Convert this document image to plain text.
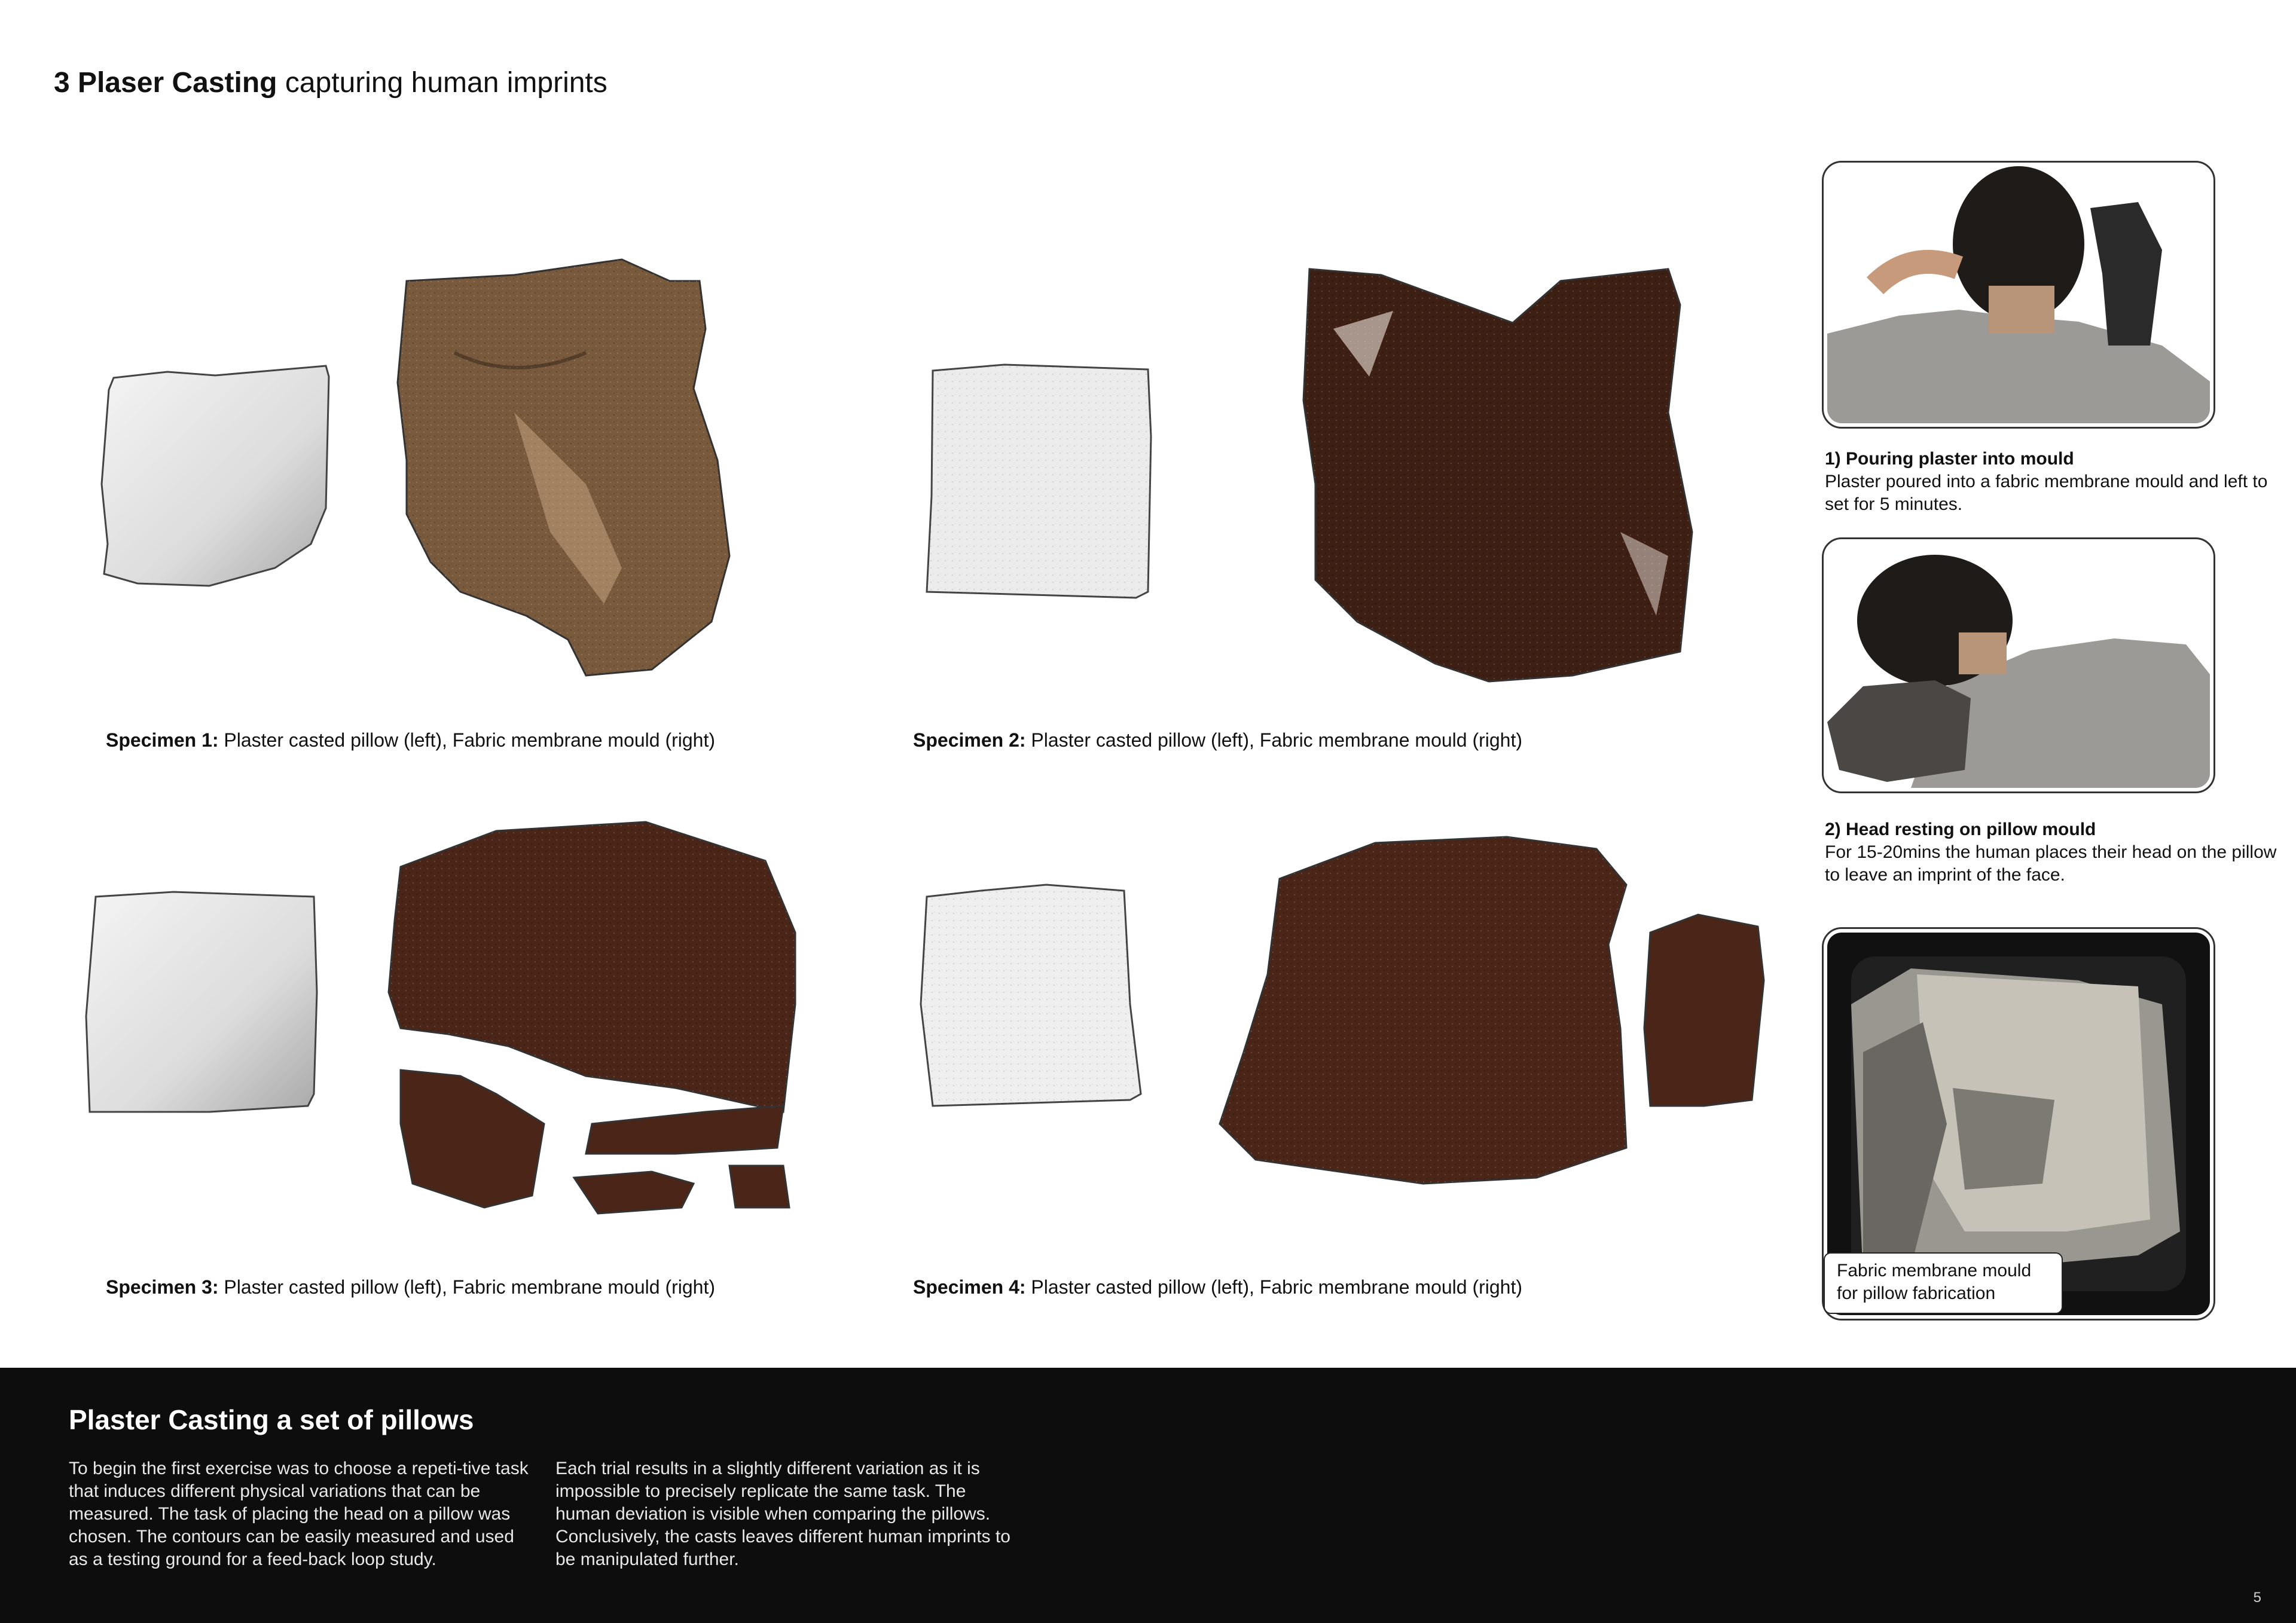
3 Plaser Casting capturing human imprints
Specimen 1: Plaster casted pillow (left), Fabric membrane mould (right)	Specimen 2: Plaster casted pillow (left), Fabric membrane mould (right)
Specimen 3: Plaster casted pillow (left), Fabric membrane mould (right)	Specimen 4: Plaster casted pillow (left), Fabric membrane mould (right)
1) Pouring plaster into mould
Plaster poured into a fabric membrane mould and left to set for 5 minutes.
2) Head resting on pillow mould
For 15-20mins the human places their head on the pillow to leave an imprint of the face.
Fabric membrane mould for pillow fabrication
Plaster Casting a set of pillows
To begin the first exercise was to choose a repeti-tive task that induces different physical variations that can be measured. The task of placing the head on a pillow was chosen. The contours can be easily measured and used as a testing ground for a feed-back loop study.
Each trial results in a slightly different variation as it is impossible to precisely replicate the same task. The human deviation is visible when comparing the pillows. Conclusively, the casts leaves different human imprints to be manipulated further.
5
